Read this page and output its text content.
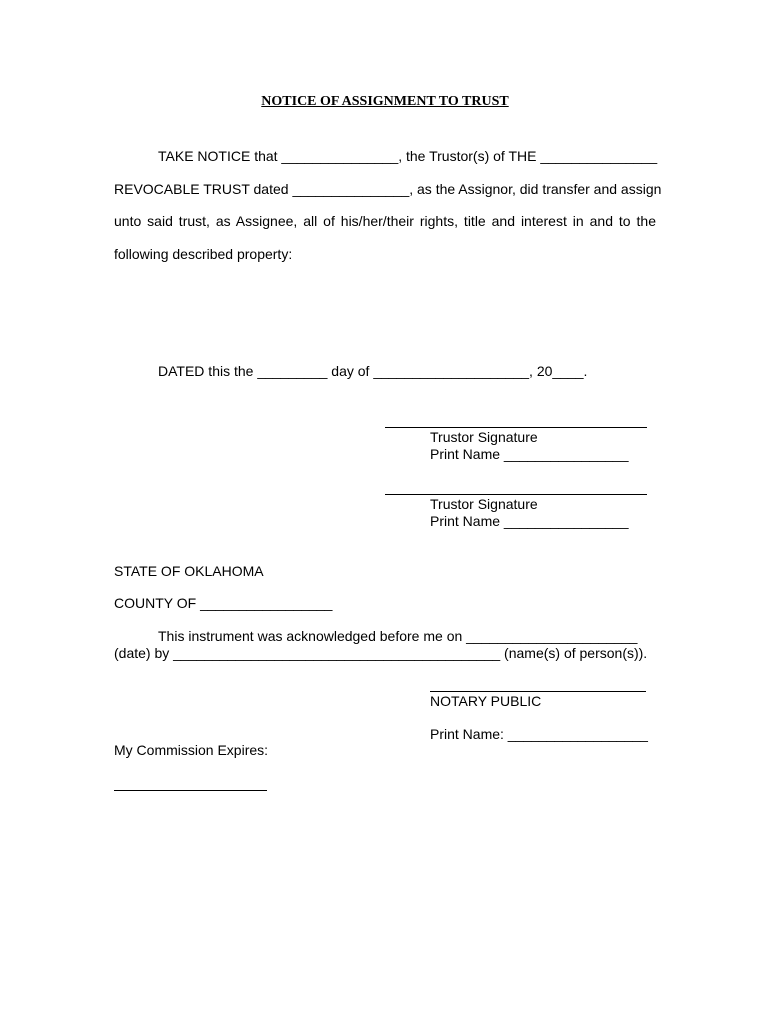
NOTICE OF ASSIGNMENT TO TRUST
TAKE NOTICE that _______________, the Trustor(s) of THE _______________
REVOCABLE TRUST dated _______________, as the Assignor, did transfer and assign
unto said trust, as Assignee, all of his/her/their rights, title and interest in and to the
following described property:
DATED this the _________ day of ____________________, 20____.
Trustor Signature
Print Name ________________
Trustor Signature
Print Name ________________
STATE OF OKLAHOMA
COUNTY OF _________________
This instrument was acknowledged before me on ______________________
(date) by __________________________________________ (name(s) of person(s)).
NOTARY PUBLIC
Print Name: __________________
My Commission Expires:
